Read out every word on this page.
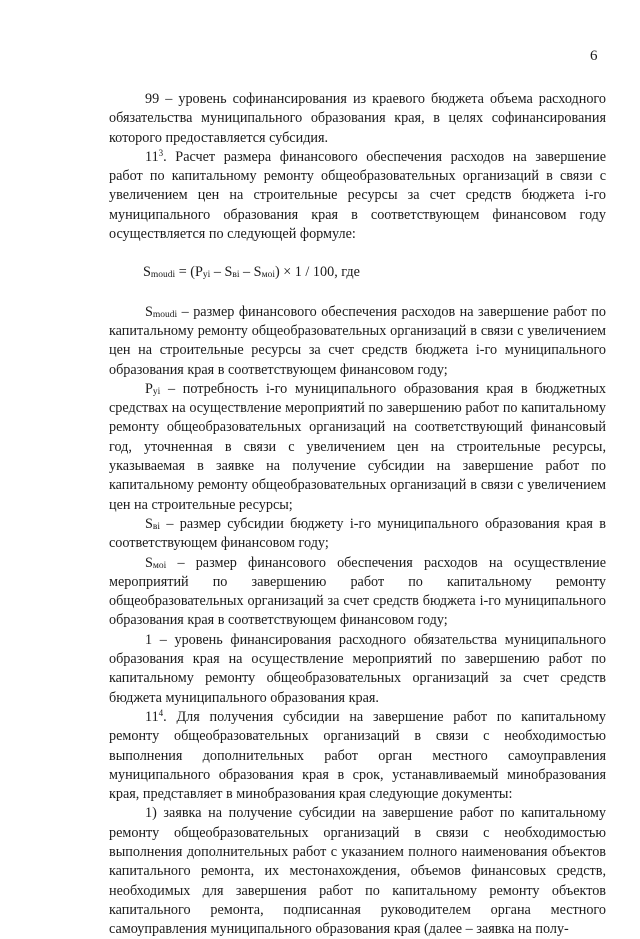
6

99 – уровень софинансирования из краевого бюджета объема расходного обязательства муниципального образования края, в целях софинансирования которого предоставляется субсидия.

11$^3$. Расчет размера финансового обеспечения расходов на завершение работ по капитальному ремонту общеобразовательных организаций в связи с увеличением цен на строительные ресурсы за счет средств бюджета i-го муниципального образования края в соответствующем финансовом году осуществляется по следующей формуле:

Smoudi = (Pyi – Sвi – Sмoi) × 1 / 100, где

Smoudi – размер финансового обеспечения расходов на завершение работ по капитальному ремонту общеобразовательных организаций в связи с увеличением цен на строительные ресурсы за счет средств бюджета i-го муниципального образования края в соответствующем финансовом году;

Pyi – потребность i-го муниципального образования края в бюджетных средствах на осуществление мероприятий по завершению работ по капитальному ремонту общеобразовательных организаций на соответствующий финансовый год, уточненная в связи с увеличением цен на строительные ресурсы, указываемая в заявке на получение субсидии на завершение работ по капитальному ремонту общеобразовательных организаций в связи с увеличением цен на строительные ресурсы;

Sвi – размер субсидии бюджету i-го муниципального образования края в соответствующем финансовом году;

Sмoi – размер финансового обеспечения расходов на осуществление мероприятий по завершению работ по капитальному ремонту общеобразовательных организаций за счет средств бюджета i-го муниципального образования края в соответствующем финансовом году;

1 – уровень финансирования расходного обязательства муниципального образования края на осуществление мероприятий по завершению работ по капитальному ремонту общеобразовательных организаций за счет средств бюджета муниципального образования края.

11$^4$. Для получения субсидии на завершение работ по капитальному ремонту общеобразовательных организаций в связи с необходимостью выполнения дополнительных работ орган местного самоуправления муниципального образования края в срок, устанавливаемый минобразования края, представляет в минобразования края следующие документы:

1) заявка на получение субсидии на завершение работ по капитальному ремонту общеобразовательных организаций в связи с необходимостью выполнения дополнительных работ с указанием полного наименования объектов капитального ремонта, их местонахождения, объемов финансовых средств, необходимых для завершения работ по капитальному ремонту объектов капитального ремонта, подписанная руководителем органа местного самоуправления муниципального образования края (далее – заявка на полу-
